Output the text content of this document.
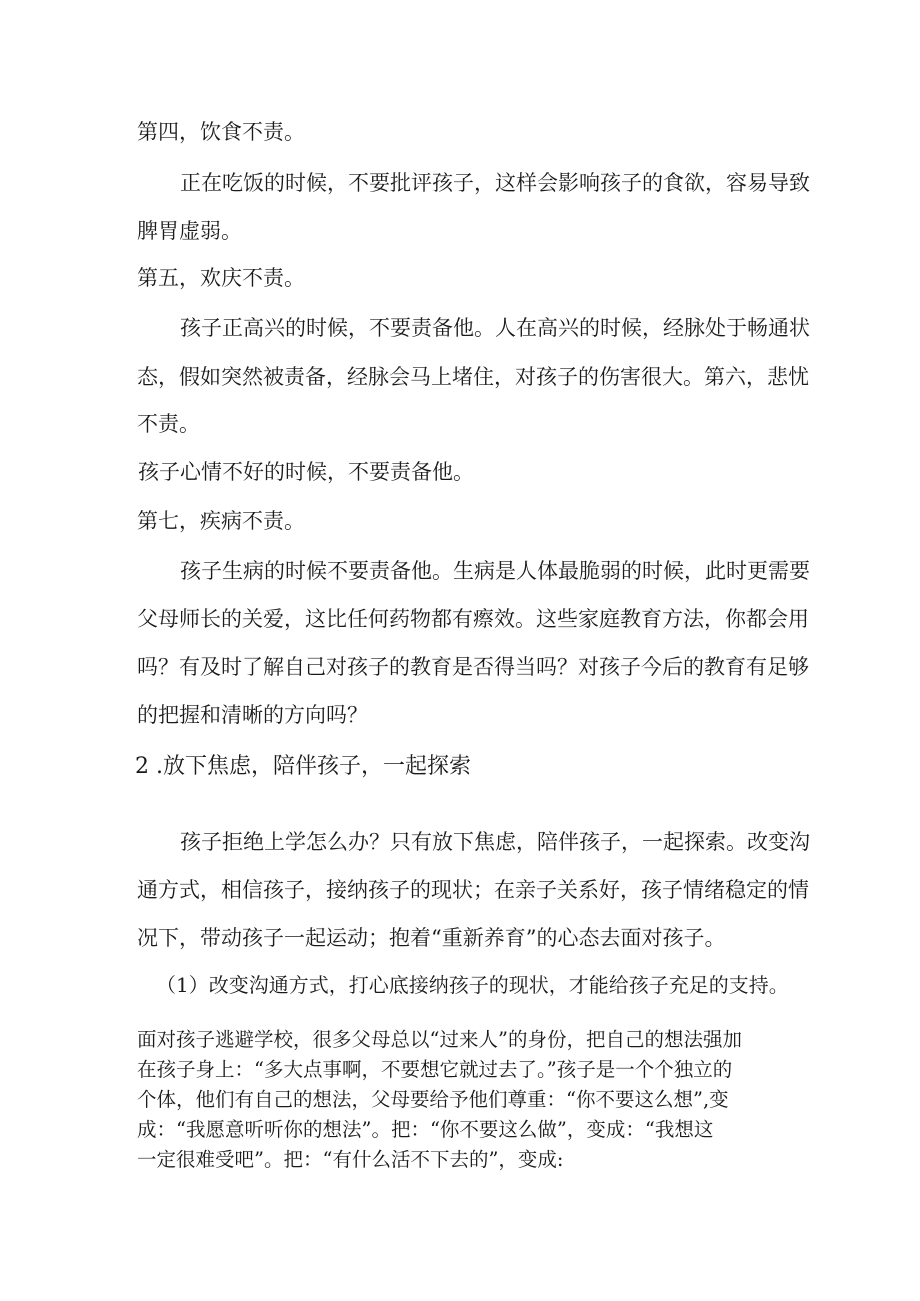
第四，饮食不责。
正在吃饭的时候，不要批评孩子，这样会影响孩子的食欲，容易导致
脾胃虚弱。
第五，欢庆不责。
孩子正高兴的时候，不要责备他。人在高兴的时候，经脉处于畅通状
态，假如突然被责备，经脉会马上堵住，对孩子的伤害很大。第六，悲忧
不责。
孩子心情不好的时候，不要责备他。
第七，疾病不责。
孩子生病的时候不要责备他。生病是人体最脆弱的时候，此时更需要
父母师长的关爱，这比任何药物都有瘵效。这些家庭教育方法，你都会用
吗？有及时了解自己对孩子的教育是否得当吗？对孩子今后的教育有足够
的把握和清晰的方向吗？
2 .放下焦虑，陪伴孩子，一起探索
孩子拒绝上学怎么办？只有放下焦虑，陪伴孩子，一起探索。改变沟
通方式，相信孩子，接纳孩子的现状；在亲子关系好，孩子情绪稳定的情
况下，带动孩子一起运动；抱着“重新养育”的心态去面对孩子。
（1）改变沟通方式，打心底接纳孩子的现状，才能给孩子充足的支持。
面对孩子逃避学校，很多父母总以“过来人”的身份，把自己的想法强加
在孩子身上：“多大点事啊，不要想它就过去了。”孩子是一个个独立的
个体，他们有自己的想法，父母要给予他们尊重：“你不要这么想”,变
成：“我愿意听听你的想法”。把：“你不要这么做”，变成：“我想这
一定很难受吧”。把：“有什么活不下去的”，变成:
